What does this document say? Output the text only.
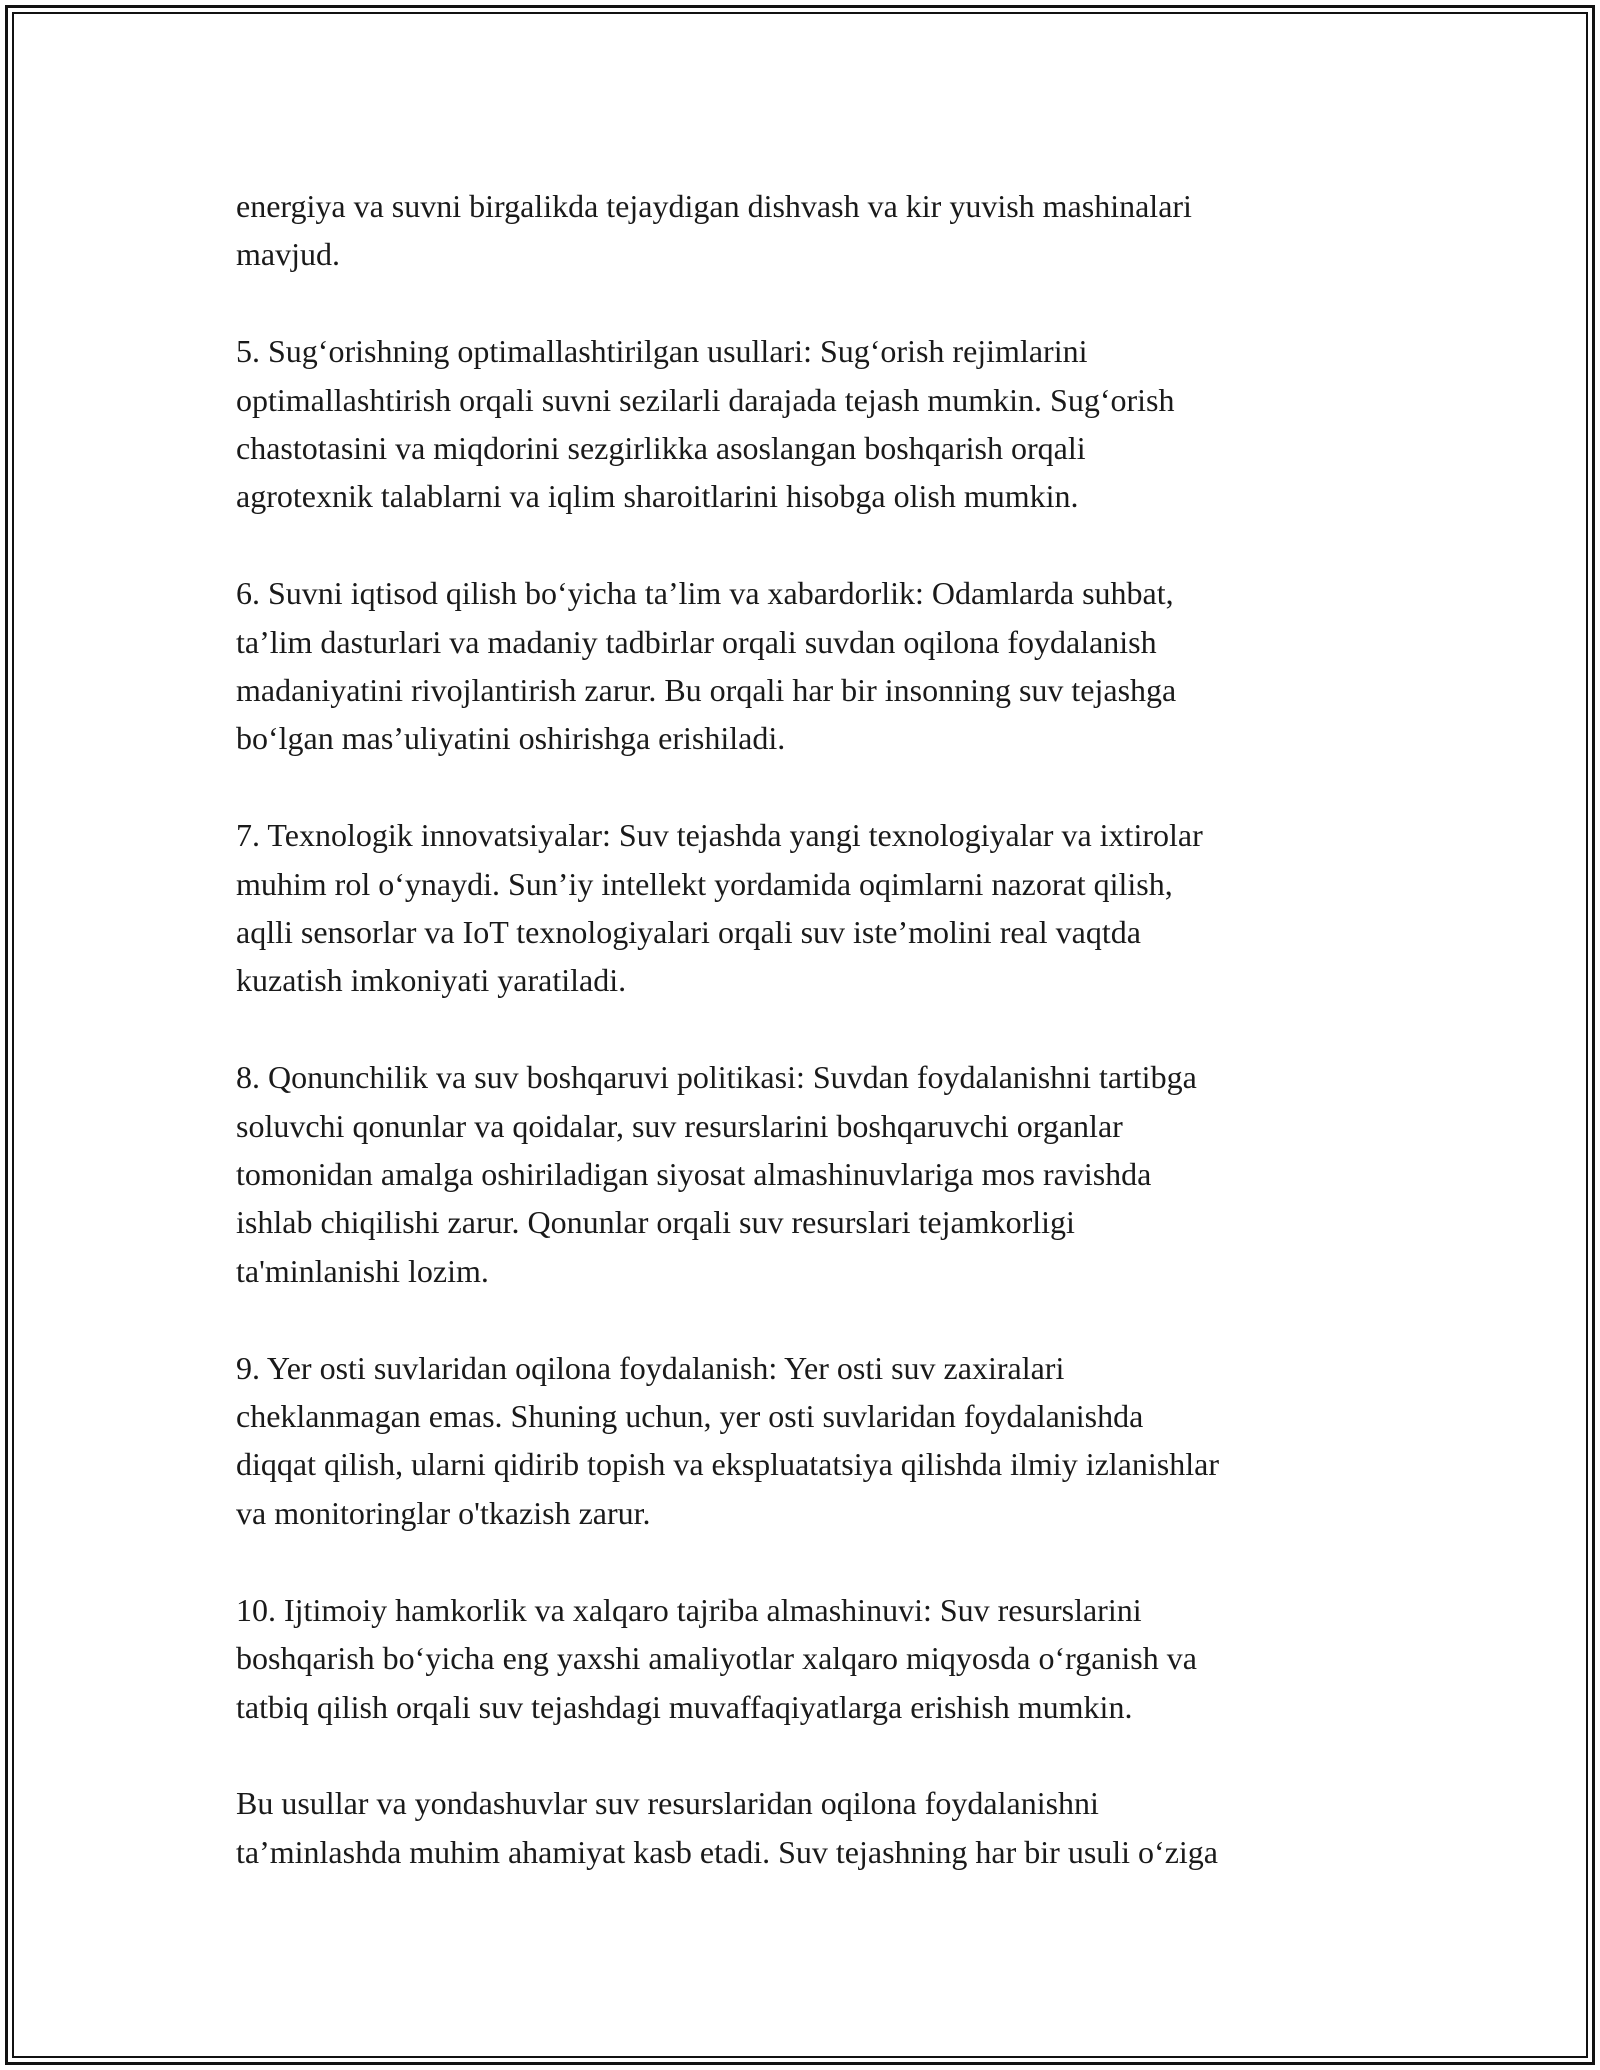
energiya va suvni birgalikda tejaydigan dishvash va kir yuvish mashinalari
mavjud.

5. Sug‘orishning optimallashtirilgan usullari: Sug‘orish rejimlarini
optimallashtirish orqali suvni sezilarli darajada tejash mumkin. Sug‘orish
chastotasini va miqdorini sezgirlikka asoslangan boshqarish orqali
agrotexnik talablarni va iqlim sharoitlarini hisobga olish mumkin.

6. Suvni iqtisod qilish bo‘yicha ta’lim va xabardorlik: Odamlarda suhbat,
ta’lim dasturlari va madaniy tadbirlar orqali suvdan oqilona foydalanish
madaniyatini rivojlantirish zarur. Bu orqali har bir insonning suv tejashga
bo‘lgan mas’uliyatini oshirishga erishiladi.

7. Texnologik innovatsiyalar: Suv tejashda yangi texnologiyalar va ixtirolar
muhim rol o‘ynaydi. Sun’iy intellekt yordamida oqimlarni nazorat qilish,
aqlli sensorlar va IoT texnologiyalari orqali suv iste’molini real vaqtda
kuzatish imkoniyati yaratiladi.

8. Qonunchilik va suv boshqaruvi politikasi: Suvdan foydalanishni tartibga
soluvchi qonunlar va qoidalar, suv resurslarini boshqaruvchi organlar
tomonidan amalga oshiriladigan siyosat almashinuvlariga mos ravishda
ishlab chiqilishi zarur. Qonunlar orqali suv resurslari tejamkorligi
ta'minlanishi lozim.

9. Yer osti suvlaridan oqilona foydalanish: Yer osti suv zaxiralari
cheklanmagan emas. Shuning uchun, yer osti suvlaridan foydalanishda
diqqat qilish, ularni qidirib topish va ekspluatatsiya qilishda ilmiy izlanishlar
va monitoringlar o'tkazish zarur.

10. Ijtimoiy hamkorlik va xalqaro tajriba almashinuvi: Suv resurslarini
boshqarish bo‘yicha eng yaxshi amaliyotlar xalqaro miqyosda o‘rganish va
tatbiq qilish orqali suv tejashdagi muvaffaqiyatlarga erishish mumkin.

Bu usullar va yondashuvlar suv resurslaridan oqilona foydalanishni
ta’minlashda muhim ahamiyat kasb etadi. Suv tejashning har bir usuli o‘ziga
